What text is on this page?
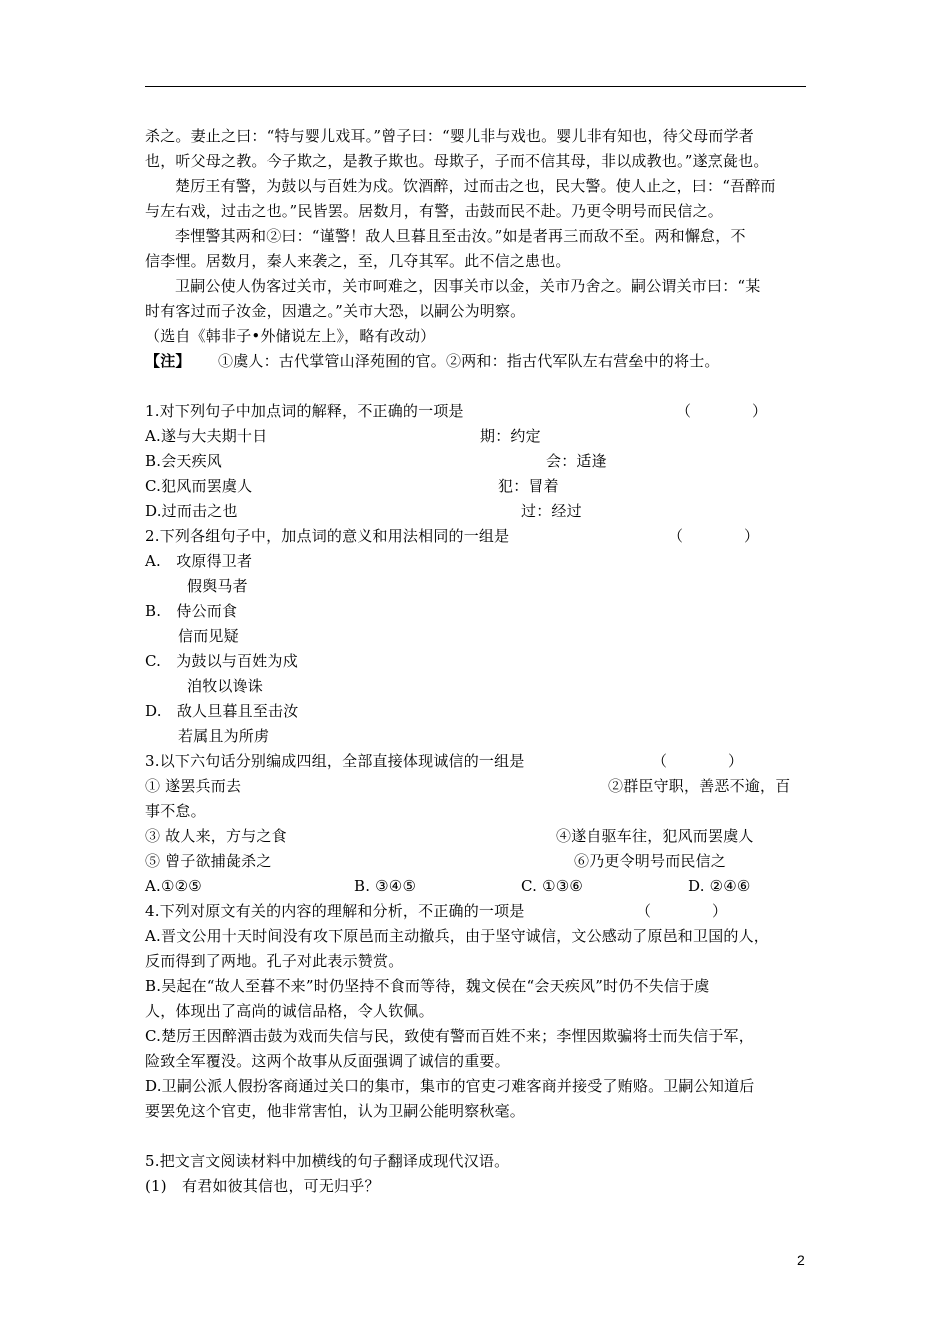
杀之。妻止之曰：“特与婴儿戏耳。”曾子曰：“婴儿非与戏也。婴儿非有知也，待父母而学者
也，听父母之教。今子欺之，是教子欺也。母欺子，子而不信其母，非以成教也。”遂烹彘也。
楚厉王有警，为鼓以与百姓为戍。饮酒醉，过而击之也，民大警。使人止之，曰：“吾醉而
与左右戏，过击之也。”民皆罢。居数月，有警，击鼓而民不赴。乃更令明号而民信之。
李悝警其两和②曰：“谨警！敌人旦暮且至击汝。”如是者再三而敌不至。两和懈怠，不
信李悝。居数月，秦人来袭之，至，几夺其军。此不信之患也。
卫嗣公使人伪客过关市，关市呵难之，因事关市以金，关市乃舍之。嗣公谓关市曰：“某
时有客过而子汝金，因遣之。”关市大恐，以嗣公为明察。
（选自《韩非子•外储说左上》，略有改动）
【注】 ①虞人：古代掌管山泽苑囿的官。②两和：指古代军队左右营垒中的将士。
1.对下列句子中加点词的解释，不正确的一项是	（　　　　）
A.遂与大夫期十日	期：约定
B.会天疾风	会：适逢
C.犯风而罢虞人	犯：冒着
D.过而击之也	过：经过
2.下列各组句子中，加点词的意义和用法相同的一组是	（　　　　）
A.　攻原得卫者
假舆马者
B.　侍公而食
信而见疑
C.　为鼓以与百姓为戍
洎牧以谗诛
D.　敌人旦暮且至击汝
若属且为所虏
3.以下六句话分别编成四组，全部直接体现诚信的一组是	（　　　　）
① 遂罢兵而去	②群臣守职，善恶不逾，百
事不怠。
③ 故人来，方与之食	④遂自驱车往，犯风而罢虞人
⑤ 曾子欲捕彘杀之	⑥乃更令明号而民信之
A.①②⑤	B. ③④⑤	C. ①③⑥	D. ②④⑥
4.下列对原文有关的内容的理解和分析，不正确的一项是	（　　　　）
A.晋文公用十天时间没有攻下原邑而主动撤兵，由于坚守诚信，文公感动了原邑和卫国的人，
反而得到了两地。孔子对此表示赞赏。
B.吴起在“故人至暮不来”时仍坚持不食而等待，魏文侯在“会天疾风”时仍不失信于虞
人，体现出了高尚的诚信品格，令人钦佩。
C.楚厉王因醉酒击鼓为戏而失信与民，致使有警而百姓不来；李悝因欺骗将士而失信于军，
险致全军覆没。这两个故事从反面强调了诚信的重要。
D.卫嗣公派人假扮客商通过关口的集市，集市的官吏刁难客商并接受了贿赂。卫嗣公知道后
要罢免这个官吏，他非常害怕，认为卫嗣公能明察秋毫。
5.把文言文阅读材料中加横线的句子翻译成现代汉语。
(1)　有君如彼其信也，可无归乎？
2
